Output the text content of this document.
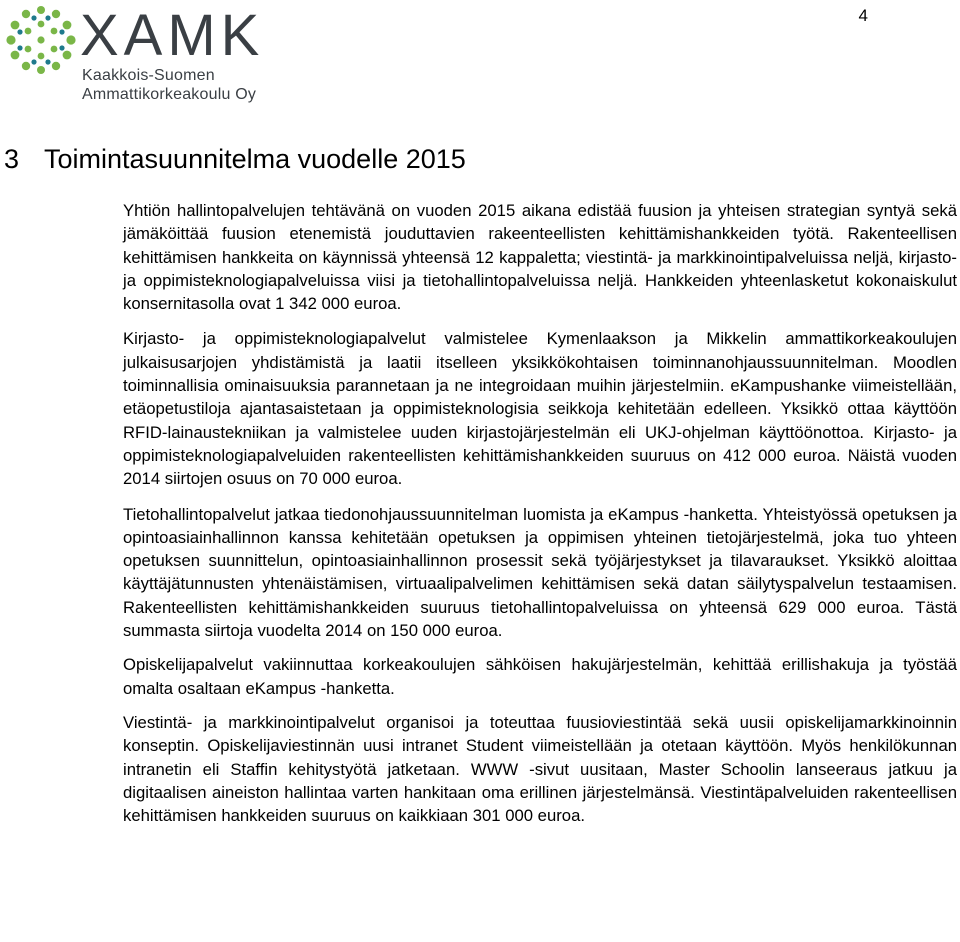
4
XAMK
Kaakkois-Suomen
Ammattikorkeakoulu Oy
3 Toimintasuunnitelma vuodelle 2015

Yhtiön hallintopalvelujen tehtävänä on vuoden 2015 aikana edistää fuusion ja yhteisen strategian syntyä sekä jämäköittää fuusion etenemistä jouduttavien rakeenteellisten kehittämishankkeiden työtä. Rakenteellisen kehittämisen hankkeita on käynnissä yhteensä 12 kappaletta; viestintä- ja markkinointipalveluissa neljä, kirjasto- ja oppimisteknologiapalveluissa viisi ja tietohallintopalveluissa neljä. Hankkeiden yhteenlasketut kokonaiskulut konsernitasolla ovat 1 342 000 euroa.

Kirjasto- ja oppimisteknologiapalvelut valmistelee Kymenlaakson ja Mikkelin ammattikorkeakoulujen julkaisusarjojen yhdistämistä ja laatii itselleen yksikkökohtaisen toiminnanohjaussuunnitelman. Moodlen toiminnallisia ominaisuuksia parannetaan ja ne integroidaan muihin järjestelmiin. eKampushanke viimeistellään, etäopetustiloja ajantasaistetaan ja oppimisteknologisia seikkoja kehitetään edelleen. Yksikkö ottaa käyttöön RFID-lainaustekniikan ja valmistelee uuden kirjastojärjestelmän eli UKJ-ohjelman käyttöönottoa. Kirjasto- ja oppimisteknologiapalveluiden rakenteellisten kehittämishankkeiden suuruus on 412 000 euroa. Näistä vuoden 2014 siirtojen osuus on 70 000 euroa.

Tietohallintopalvelut jatkaa tiedonohjaussuunnitelman luomista ja eKampus -hanketta. Yhteistyössä opetuksen ja opintoasiainhallinnon kanssa kehitetään opetuksen ja oppimisen yhteinen tietojärjestelmä, joka tuo yhteen opetuksen suunnittelun, opintoasiainhallinnon prosessit sekä työjärjestykset ja tilavaraukset. Yksikkö aloittaa käyttäjätunnusten yhtenäistämisen, virtuaalipalvelimen kehittämisen sekä datan säilytyspalvelun testaamisen. Rakenteellisten kehittämishankkeiden suuruus tietohallintopalveluissa on yhteensä 629 000 euroa. Tästä summasta siirtoja vuodelta 2014 on 150 000 euroa.

Opiskelijapalvelut vakiinnuttaa korkeakoulujen sähköisen hakujärjestelmän, kehittää erillishakuja ja työstää omalta osaltaan eKampus -hanketta.

Viestintä- ja markkinointipalvelut organisoi ja toteuttaa fuusioviestintää sekä uusii opiskelijamarkkinoinnin konseptin. Opiskelijaviestinnän uusi intranet Student viimeistellään ja otetaan käyttöön. Myös henkilökunnan intranetin eli Staffin kehitystyötä jatketaan. WWW -sivut uusitaan, Master Schoolin lanseeraus jatkuu ja digitaalisen aineiston hallintaa varten hankitaan oma erillinen järjestelmänsä. Viestintäpalveluiden rakenteellisen kehittämisen hankkeiden suuruus on kaikkiaan 301 000 euroa.
